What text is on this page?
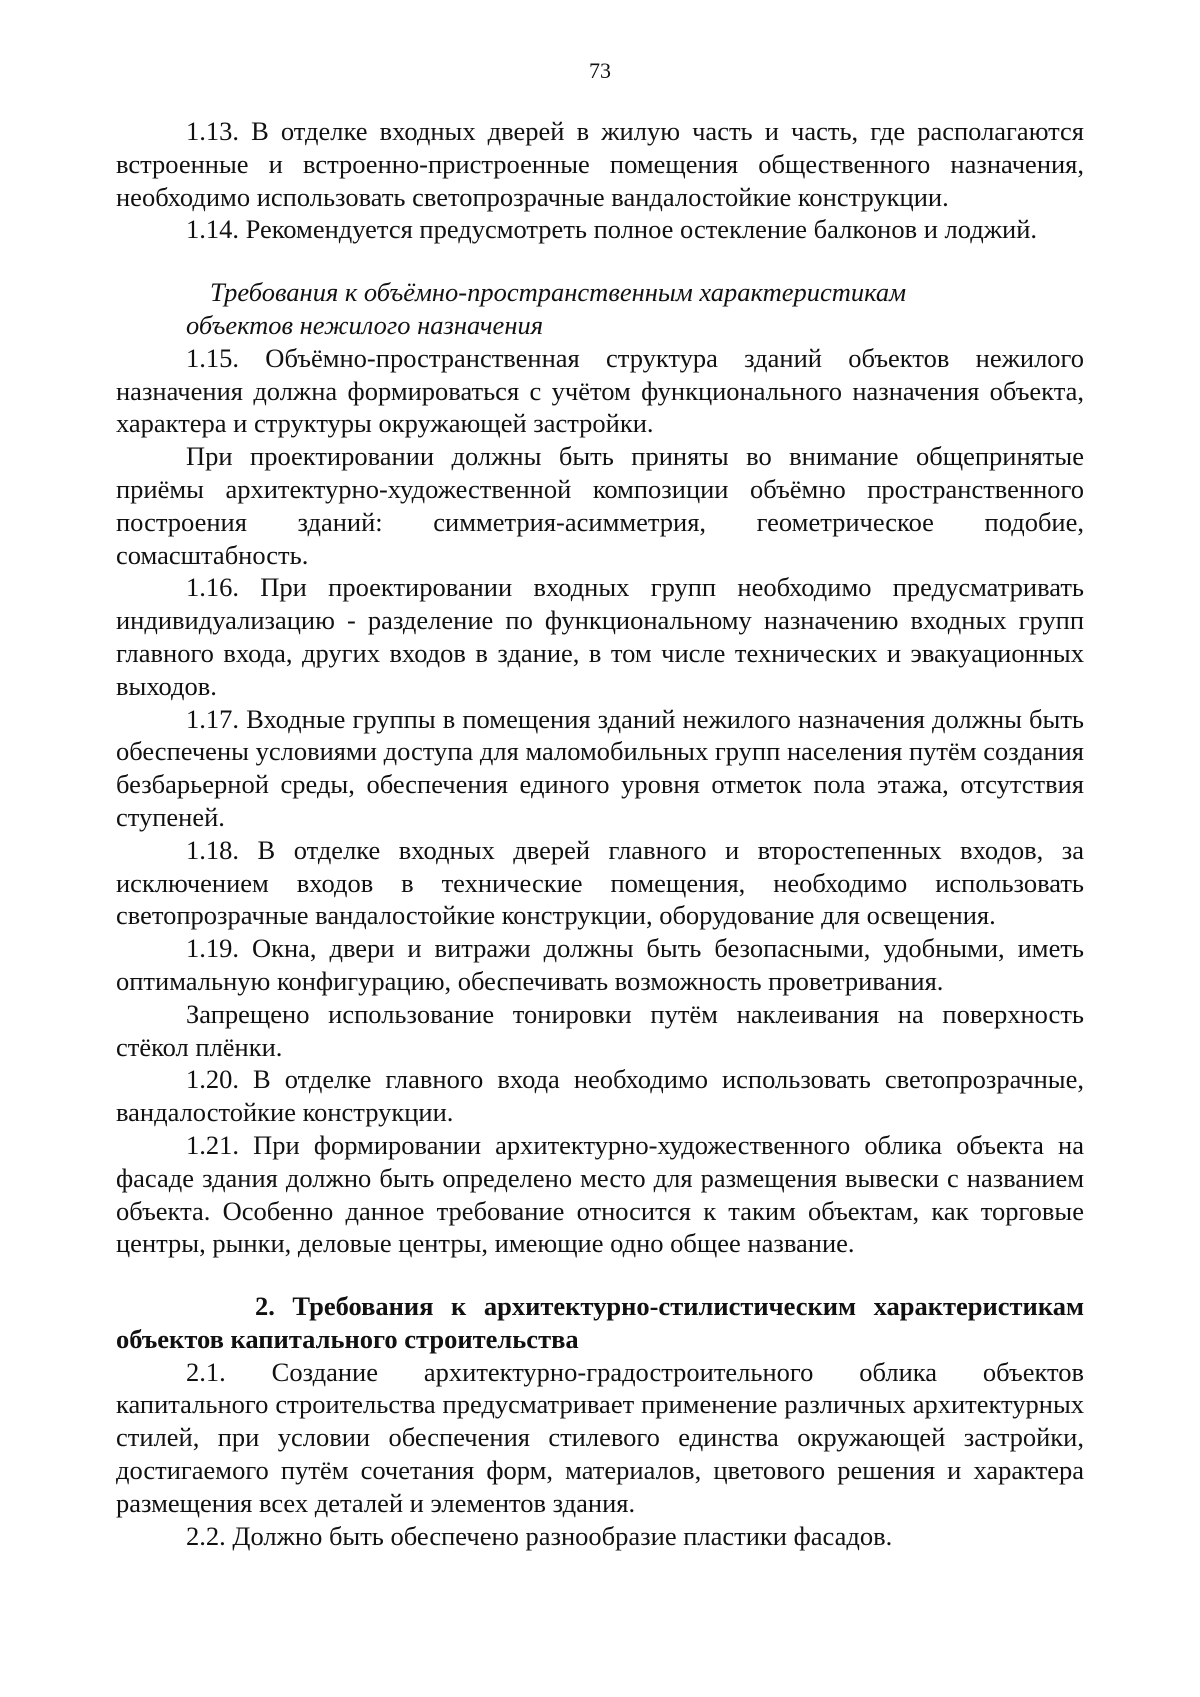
73

1.13. В отделке входных дверей в жилую часть и часть, где располагаются встроенные и встроенно-пристроенные помещения общественного назначения, необходимо использовать светопрозрачные вандалостойкие конструкции.

1.14. Рекомендуется предусмотреть полное остекление балконов и лоджий.

Требования к объёмно-пространственным характеристикам
объектов нежилого назначения

1.15. Объёмно-пространственная структура зданий объектов нежилого назначения должна формироваться с учётом функционального назначения объекта, характера и структуры окружающей застройки.

При проектировании должны быть приняты во внимание общепринятые приёмы архитектурно-художественной композиции объёмно пространственного построения зданий: симметрия-асимметрия, геометрическое подобие, сомасштабность.

1.16. При проектировании входных групп необходимо предусматривать индивидуализацию - разделение по функциональному назначению входных групп главного входа, других входов в здание, в том числе технических и эвакуационных выходов.

1.17. Входные группы в помещения зданий нежилого назначения должны быть обеспечены условиями доступа для маломобильных групп населения путём создания безбарьерной среды, обеспечения единого уровня отметок пола этажа, отсутствия ступеней.

1.18. В отделке входных дверей главного и второстепенных входов, за исключением входов в технические помещения, необходимо использовать светопрозрачные вандалостойкие конструкции, оборудование для освещения.

1.19. Окна, двери и витражи должны быть безопасными, удобными, иметь оптимальную конфигурацию, обеспечивать возможность проветривания.

Запрещено использование тонировки путём наклеивания на поверхность стёкол плёнки.

1.20. В отделке главного входа необходимо использовать светопрозрачные, вандалостойкие конструкции.

1.21. При формировании архитектурно-художественного облика объекта на фасаде здания должно быть определено место для размещения вывески с названием объекта. Особенно данное требование относится к таким объектам, как торговые центры, рынки, деловые центры, имеющие одно общее название.

2. Требования к архитектурно-стилистическим характеристикам объектов капитального строительства

2.1. Создание архитектурно-градостроительного облика объектов капитального строительства предусматривает применение различных архитектурных стилей, при условии обеспечения стилевого единства окружающей застройки, достигаемого путём сочетания форм, материалов, цветового решения и характера размещения всех деталей и элементов здания.

2.2. Должно быть обеспечено разнообразие пластики фасадов.
